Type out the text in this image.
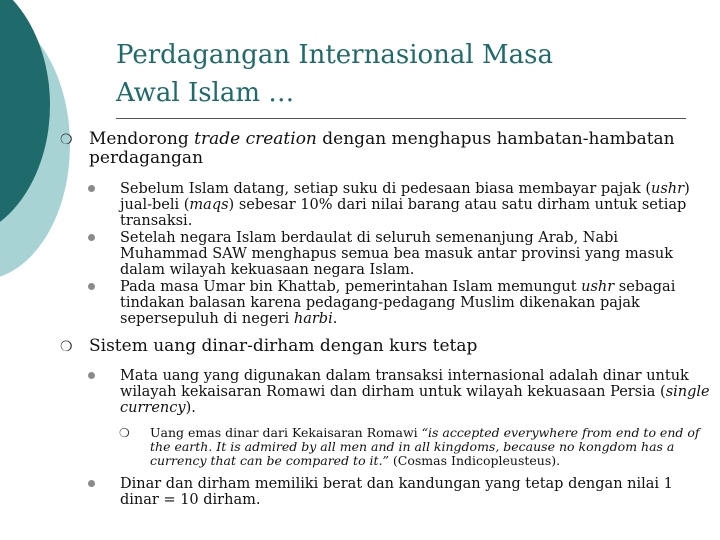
Perdagangan Internasional Masa
Awal Islam …
❍ Mendorong trade creation dengan menghapus hambatan-hambatan perdagangan
Sebelum Islam datang, setiap suku di pedesaan biasa membayar pajak (ushr) jual-beli (maqs) sebesar 10% dari nilai barang atau satu dirham untuk setiap transaksi.
Setelah negara Islam berdaulat di seluruh semenanjung Arab, Nabi Muhammad SAW menghapus semua bea masuk antar provinsi yang masuk dalam wilayah kekuasaan negara Islam.
Pada masa Umar bin Khattab, pemerintahan Islam memungut ushr sebagai tindakan balasan karena pedagang-pedagang Muslim dikenakan pajak sepersepuluh di negeri harbi.
❍ Sistem uang dinar-dirham dengan kurs tetap
Mata uang yang digunakan dalam transaksi internasional adalah dinar untuk wilayah kekaisaran Romawi dan dirham untuk wilayah kekuasaan Persia (single currency).
❍ Uang emas dinar dari Kekaisaran Romawi “is accepted everywhere from end to end of the earth. It is admired by all men and in all kingdoms, because no kongdom has a currency that can be compared to it.” (Cosmas Indicopleusteus).
Dinar dan dirham memiliki berat dan kandungan yang tetap dengan nilai 1 dinar = 10 dirham.
